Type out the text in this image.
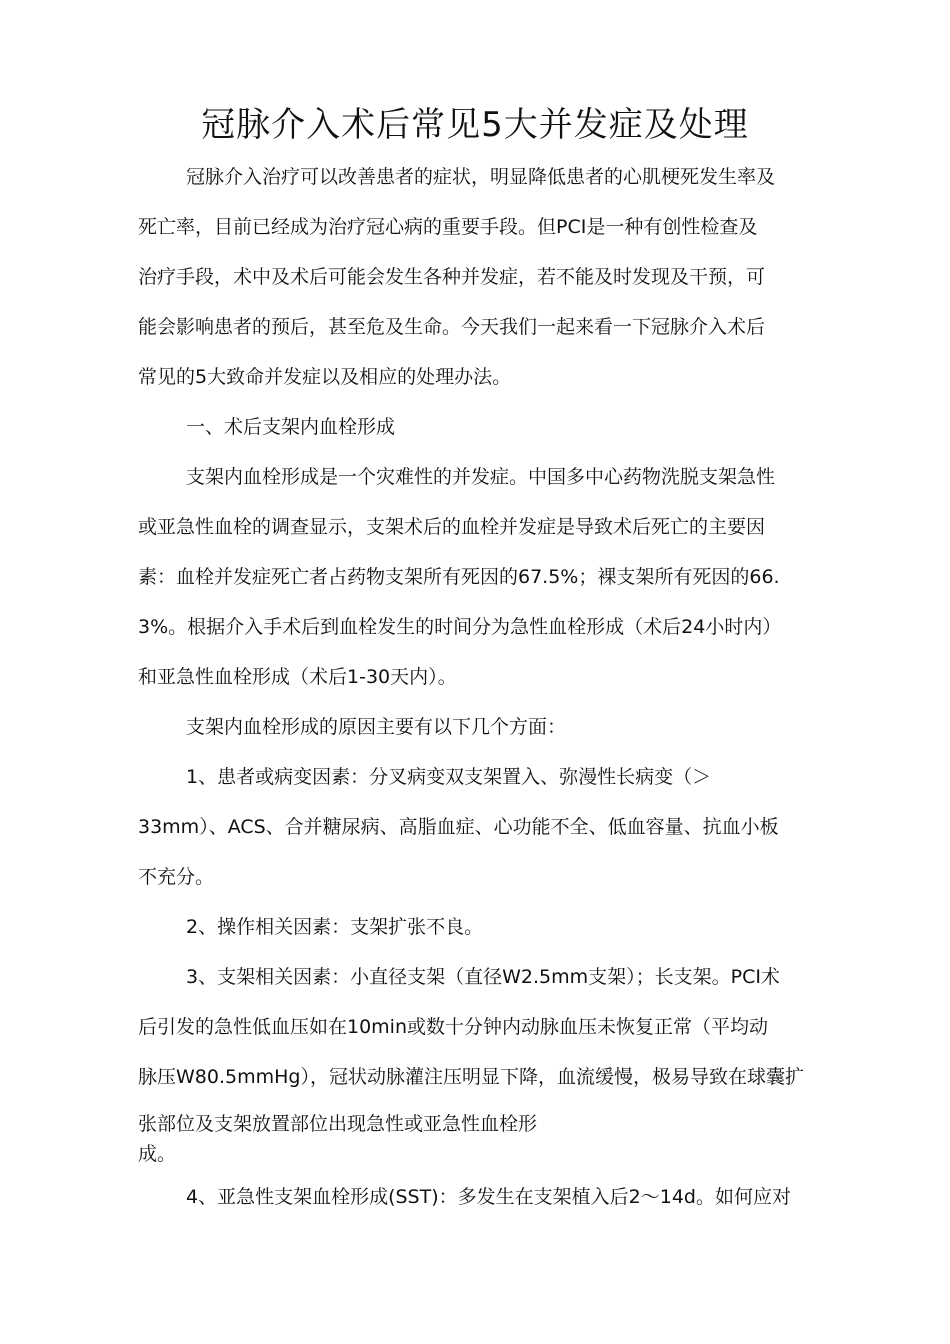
冠脉介入术后常见5大并发症及处理

冠脉介入治疗可以改善患者的症状，明显降低患者的心肌梗死发生率及

死亡率，目前已经成为治疗冠心病的重要手段。但PCI是一种有创性检查及

治疗手段，术中及术后可能会发生各种并发症，若不能及时发现及干预，可

能会影响患者的预后，甚至危及生命。今天我们一起来看一下冠脉介入术后

常见的5大致命并发症以及相应的处理办法。

一、术后支架内血栓形成

支架内血栓形成是一个灾难性的并发症。中国多中心药物洗脱支架急性

或亚急性血栓的调查显示，支架术后的血栓并发症是导致术后死亡的主要因

素：血栓并发症死亡者占药物支架所有死因的67.5%；裸支架所有死因的66.

3%。根据介入手术后到血栓发生的时间分为急性血栓形成（术后24小时内）

和亚急性血栓形成（术后1-30天内）。

支架内血栓形成的原因主要有以下几个方面：

1、患者或病变因素：分叉病变双支架置入、弥漫性长病变（＞

33mm）、ACS、合并糖尿病、高脂血症、心功能不全、低血容量、抗血小板

不充分。

2、操作相关因素：支架扩张不良。

3、支架相关因素：小直径支架（直径W2.5mm支架）；长支架。PCI术

后引发的急性低血压如在10min或数十分钟内动脉血压未恢复正常（平均动

脉压W80.5mmHg），冠状动脉灌注压明显下降，血流缓慢，极易导致在球囊扩

张部位及支架放置部位出现急性或亚急性血栓形

成。

4、亚急性支架血栓形成(SST)：多发生在支架植入后2〜14d。如何应对
